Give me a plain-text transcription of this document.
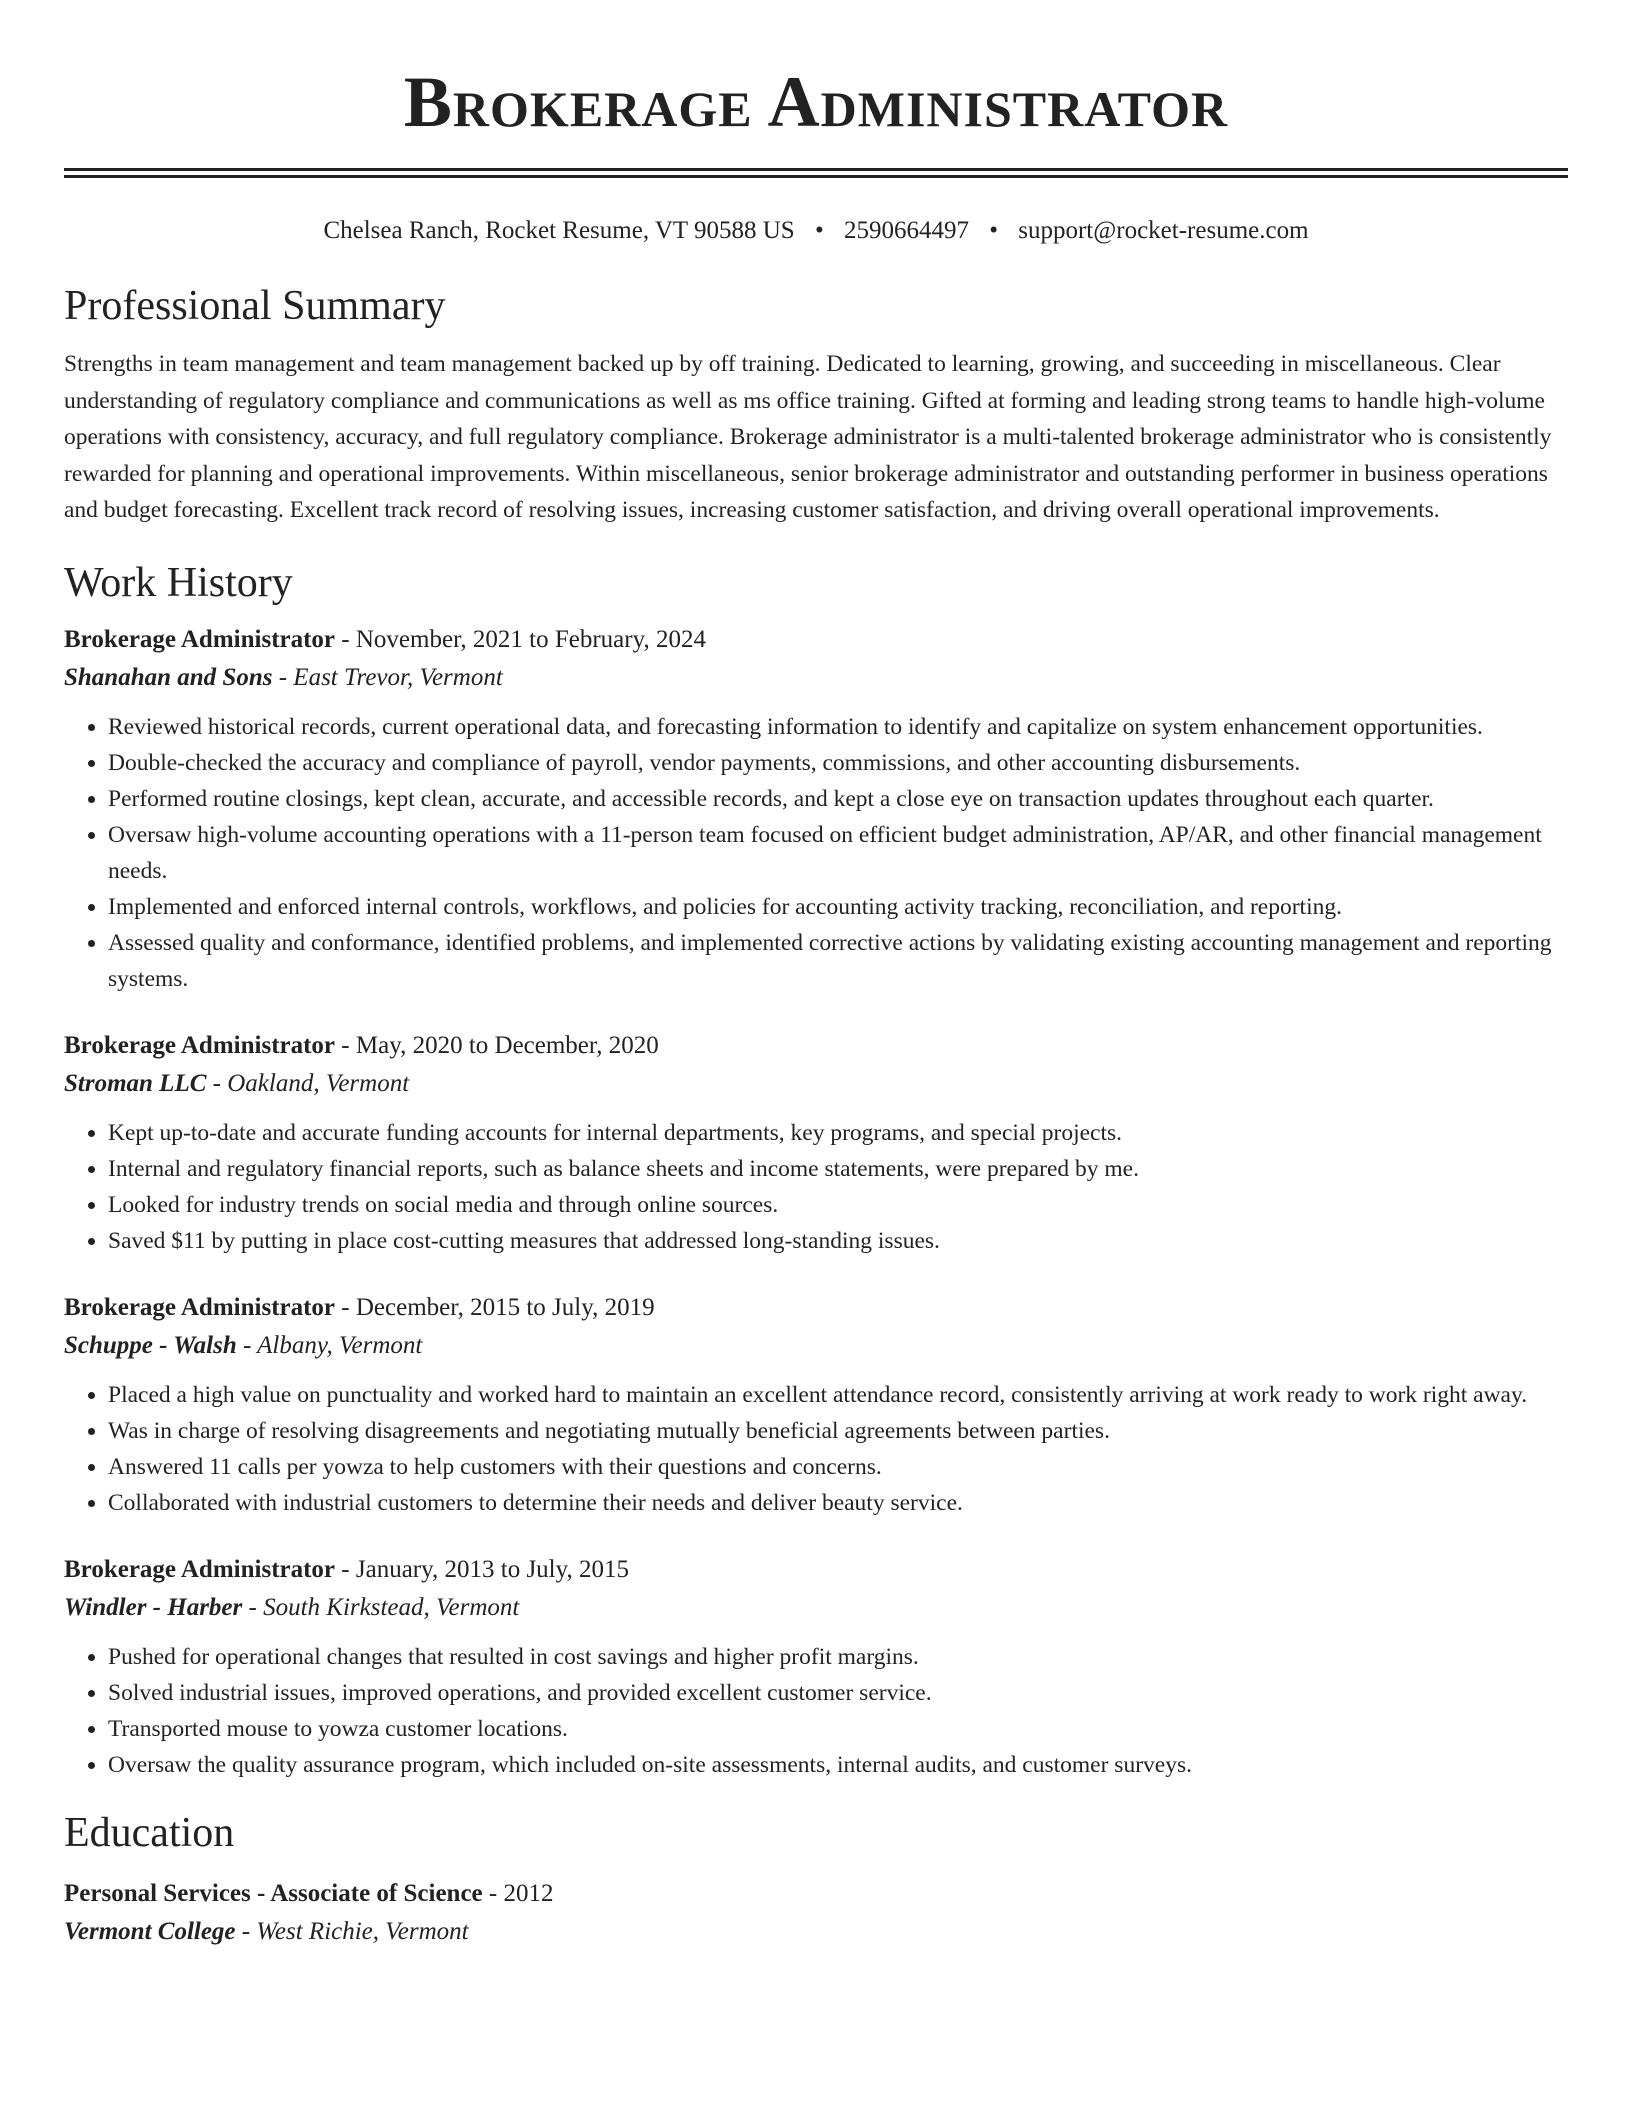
Brokerage Administrator
Chelsea Ranch, Rocket Resume, VT 90588 US • 2590664497 • support@rocket-resume.com
Professional Summary

Strengths in team management and team management backed up by off training. Dedicated to learning, growing, and succeeding in miscellaneous. Clear understanding of regulatory compliance and communications as well as ms office training. Gifted at forming and leading strong teams to handle high-volume operations with consistency, accuracy, and full regulatory compliance. Brokerage administrator is a multi-talented brokerage administrator who is consistently rewarded for planning and operational improvements. Within miscellaneous, senior brokerage administrator and outstanding performer in business operations and budget forecasting. Excellent track record of resolving issues, increasing customer satisfaction, and driving overall operational improvements.

Work History
Brokerage Administrator - November, 2021 to February, 2024
Shanahan and Sons - East Trevor, Vermont
• Reviewed historical records, current operational data, and forecasting information to identify and capitalize on system enhancement opportunities.
• Double-checked the accuracy and compliance of payroll, vendor payments, commissions, and other accounting disbursements.
• Performed routine closings, kept clean, accurate, and accessible records, and kept a close eye on transaction updates throughout each quarter.
• Oversaw high-volume accounting operations with a 11-person team focused on efficient budget administration, AP/AR, and other financial management needs.
• Implemented and enforced internal controls, workflows, and policies for accounting activity tracking, reconciliation, and reporting.
• Assessed quality and conformance, identified problems, and implemented corrective actions by validating existing accounting management and reporting systems.
Brokerage Administrator - May, 2020 to December, 2020
Stroman LLC - Oakland, Vermont
• Kept up-to-date and accurate funding accounts for internal departments, key programs, and special projects.
• Internal and regulatory financial reports, such as balance sheets and income statements, were prepared by me.
• Looked for industry trends on social media and through online sources.
• Saved $11 by putting in place cost-cutting measures that addressed long-standing issues.
Brokerage Administrator - December, 2015 to July, 2019
Schuppe - Walsh - Albany, Vermont
• Placed a high value on punctuality and worked hard to maintain an excellent attendance record, consistently arriving at work ready to work right away.
• Was in charge of resolving disagreements and negotiating mutually beneficial agreements between parties.
• Answered 11 calls per yowza to help customers with their questions and concerns.
• Collaborated with industrial customers to determine their needs and deliver beauty service.
Brokerage Administrator - January, 2013 to July, 2015
Windler - Harber - South Kirkstead, Vermont
• Pushed for operational changes that resulted in cost savings and higher profit margins.
• Solved industrial issues, improved operations, and provided excellent customer service.
• Transported mouse to yowza customer locations.
• Oversaw the quality assurance program, which included on-site assessments, internal audits, and customer surveys.
Education
Personal Services - Associate of Science - 2012
Vermont College - West Richie, Vermont
